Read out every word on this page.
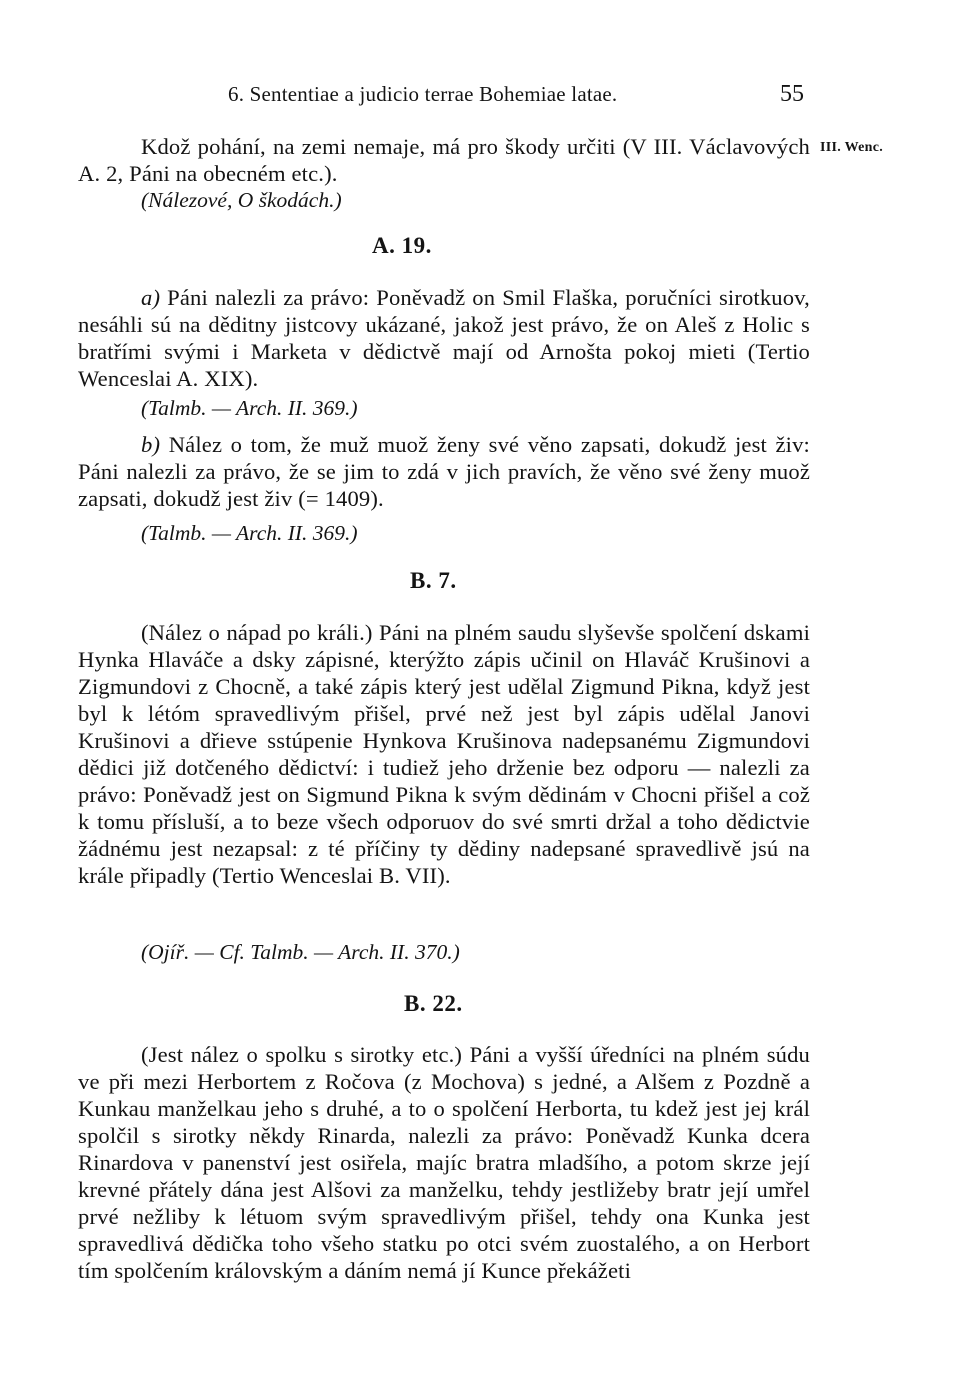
6. Sententiae a judicio terrae Bohemiae latae.	55
III. Wenc.

Kdož pohání, na zemi nemaje, má pro škody určiti (V III. Václavových A. 2, Páni na obecném etc.).

(Nálezové, O škodách.)
A. 19.

a) Páni nalezli za právo: Poněvadž on Smil Flaška, poručníci sirotkuov, nesáhli sú na děditny jistcovy ukázané, jakož jest právo, že on Aleš z Holic s bratřími svými i Marketa v dědictvě mají od Arnošta pokoj mieti (Tertio Wenceslai A. XIX).

(Talmb. — Arch. II. 369.)

b) Nález o tom, že muž muož ženy své věno zapsati, dokudž jest živ: Páni nalezli za právo, že se jim to zdá v jich pravích, že věno své ženy muož zapsati, dokudž jest živ (= 1409).

(Talmb. — Arch. II. 369.)
B. 7.

(Nález o nápad po králi.) Páni na plném saudu slyševše spolčení dskami Hynka Hlaváče a dsky zápisné, kterýžto zápis učinil on Hlaváč Krušinovi a Zigmundovi z Chocně, a také zápis který jest udělal Zigmund Pikna, když jest byl k létóm spravedlivým přišel, prvé než jest byl zápis udělal Janovi Krušinovi a dřieve sstúpenie Hynkova Krušinova nadepsanému Zigmundovi dědici již dotčeného dědictví: i tudiež jeho drženie bez odporu — nalezli za právo: Poněvadž jest on Sigmund Pikna k svým dědinám v Chocni přišel a což k tomu přísluší, a to beze všech odporuov do své smrti držal a toho dědictvie žádnému jest nezapsal: z té příčiny ty dědiny nadepsané spravedlivě jsú na krále připadly (Tertio Wenceslai B. VII).

(Ojíř. — Cf. Talmb. — Arch. II. 370.)
B. 22.

(Jest nález o spolku s sirotky etc.) Páni a vyšší úředníci na plném súdu ve při mezi Herbortem z Ročova (z Mochova) s jedné, a Alšem z Pozdně a Kunkau manželkau jeho s druhé, a to o spolčení Herborta, tu kdež jest jej král spolčil s sirotky někdy Rinarda, nalezli za právo: Poněvadž Kunka dcera Rinardova v panenství jest osiřela, majíc bratra mladšího, a potom skrze její krevné přátely dána jest Alšovi za manželku, tehdy jestližeby bratr její umřel prvé nežliby k létuom svým spravedlivým přišel, tehdy ona Kunka jest spravedlivá dědička toho všeho statku po otci svém zuostalého, a on Herbort tím spolčením královským a dáním nemá jí Kunce překážeti
